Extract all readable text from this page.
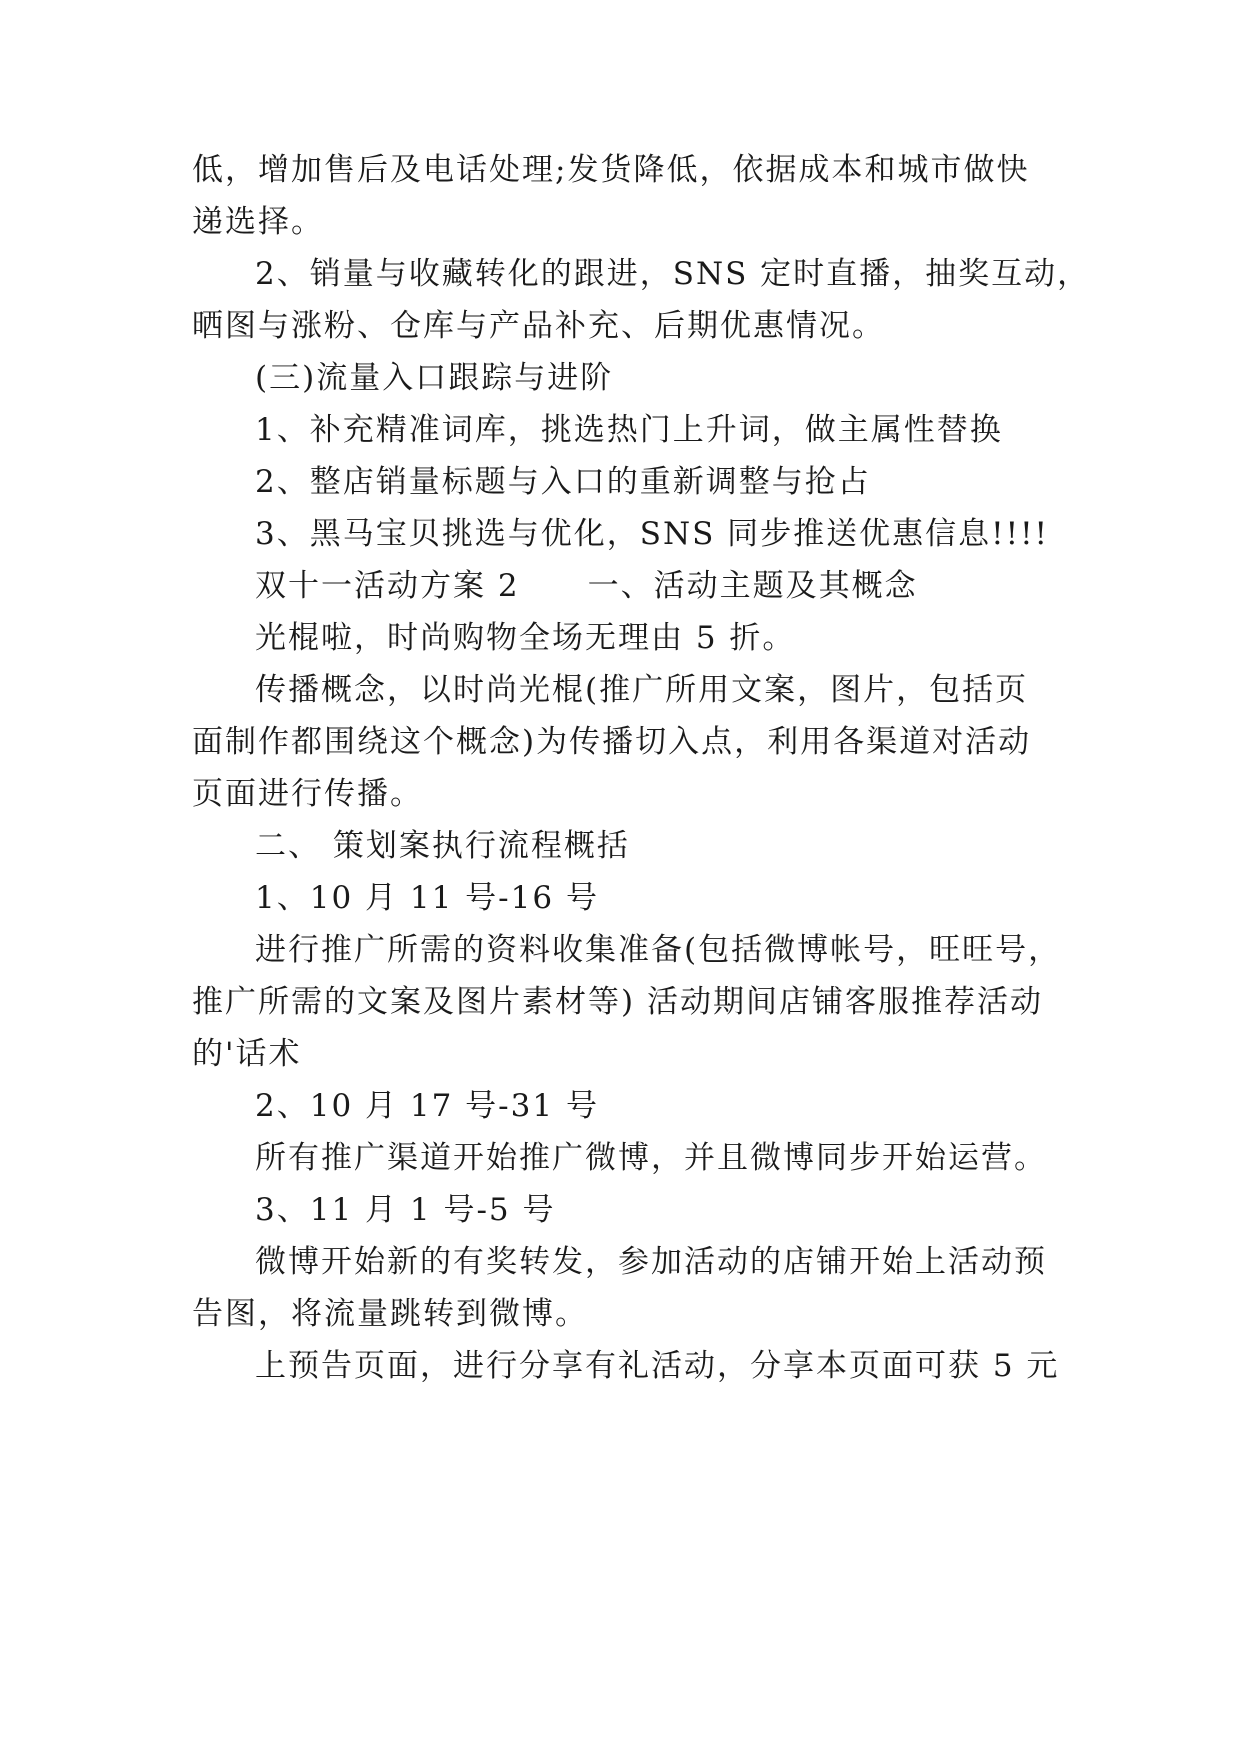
低，增加售后及电话处理;发货降低，依据成本和城市做快
递选择。
2、销量与收藏转化的跟进，SNS 定时直播，抽奖互动，
晒图与涨粉、仓库与产品补充、后期优惠情况。
(三)流量入口跟踪与进阶
1、补充精准词库，挑选热门上升词，做主属性替换
2、整店销量标题与入口的重新调整与抢占
3、黑马宝贝挑选与优化，SNS 同步推送优惠信息!!!!
双十一活动方案 2 一、活动主题及其概念
光棍啦，时尚购物全场无理由 5 折。
传播概念，以时尚光棍(推广所用文案，图片，包括页
面制作都围绕这个概念)为传播切入点，利用各渠道对活动
页面进行传播。
二、 策划案执行流程概括
1、10 月 11 号-16 号
进行推广所需的资料收集准备(包括微博帐号，旺旺号，
推广所需的文案及图片素材等) 活动期间店铺客服推荐活动
的'话术
2、10 月 17 号-31 号
所有推广渠道开始推广微博，并且微博同步开始运营。
3、11 月 1 号-5 号
微博开始新的有奖转发，参加活动的店铺开始上活动预
告图，将流量跳转到微博。
上预告页面，进行分享有礼活动，分享本页面可获 5 元
